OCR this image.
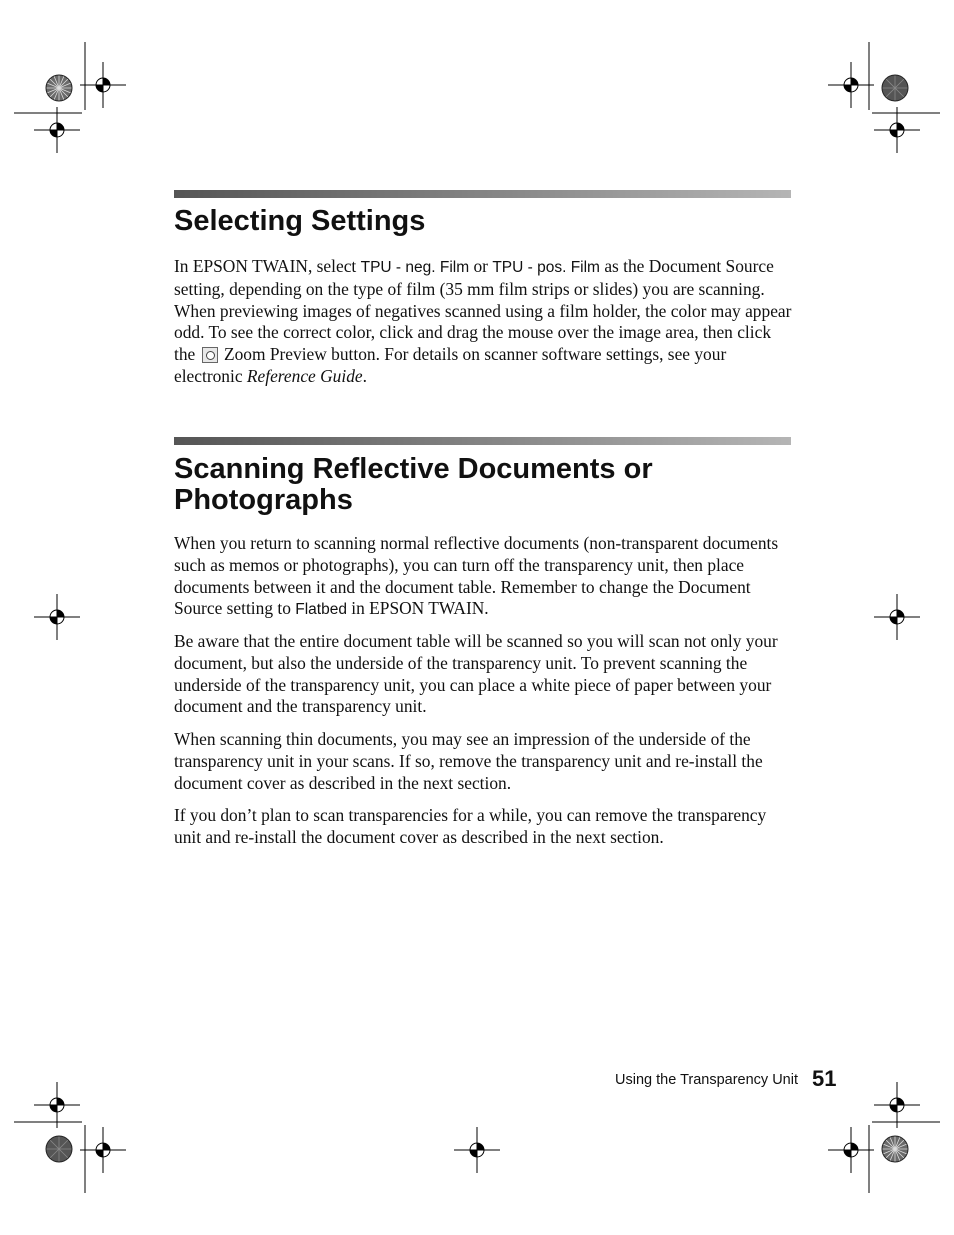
Selecting Settings

In EPSON TWAIN, select TPU - neg. Film or TPU - pos. Film as the Document Source setting, depending on the type of film (35 mm film strips or slides) you are scanning. When previewing images of negatives scanned using a film holder, the color may appear odd. To see the correct color, click and drag the mouse over the image area, then click the  Zoom Preview button. For details on scanner software settings, see your electronic Reference Guide.

Scanning Reflective Documents or Photographs

When you return to scanning normal reflective documents (non-transparent documents such as memos or photographs), you can turn off the transparency unit, then place documents between it and the document table. Remember to change the Document Source setting to Flatbed in EPSON TWAIN.

Be aware that the entire document table will be scanned so you will scan not only your document, but also the underside of the transparency unit. To prevent scanning the underside of the transparency unit, you can place a white piece of paper between your document and the transparency unit.

When scanning thin documents, you may see an impression of the underside of the transparency unit in your scans. If so, remove the transparency unit and re-install the document cover as described in the next section.

If you don’t plan to scan transparencies for a while, you can remove the transparency unit and re-install the document cover as described in the next section.

Using the Transparency Unit 51
